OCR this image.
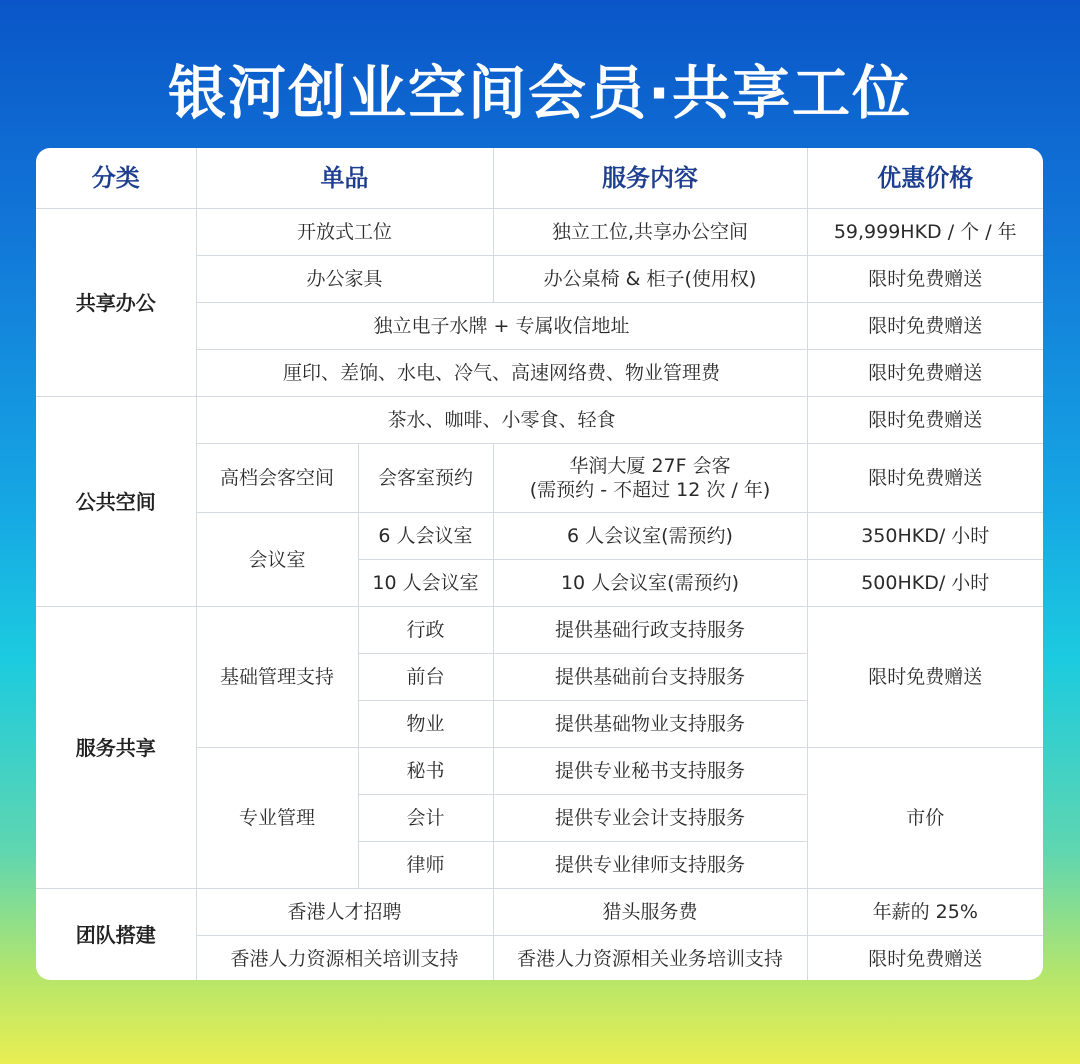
银河创业空间会员·共享工位
分类	单品		服务内容	优惠价格
共享办公	开放式工位		独立工位,共享办公空间	59,999HKD / 个 / 年
	办公家具		办公桌椅 & 柜子(使用权)	限时免费赠送
	独立电子水牌 + 专属收信地址			限时免费赠送
	厘印、差饷、水电、冷气、高速网络费、物业管理费			限时免费赠送
公共空间	茶水、咖啡、小零食、轻食			限时免费赠送
	高档会客空间	会客室预约	华润大厦 27F 会客
(需预约 - 不超过 12 次 / 年)	限时免费赠送
	会议室	6 人会议室	6 人会议室(需预约)	350HKD/ 小时
		10 人会议室	10 人会议室(需预约)	500HKD/ 小时
服务共享	基础管理支持	行政	提供基础行政支持服务	限时免费赠送
		前台	提供基础前台支持服务	
		物业	提供基础物业支持服务	
	专业管理	秘书	提供专业秘书支持服务	市价
		会计	提供专业会计支持服务	
		律师	提供专业律师支持服务	
团队搭建	香港人才招聘		猎头服务费	年薪的 25%
	香港人力资源相关培训支持		香港人力资源相关业务培训支持	限时免费赠送
